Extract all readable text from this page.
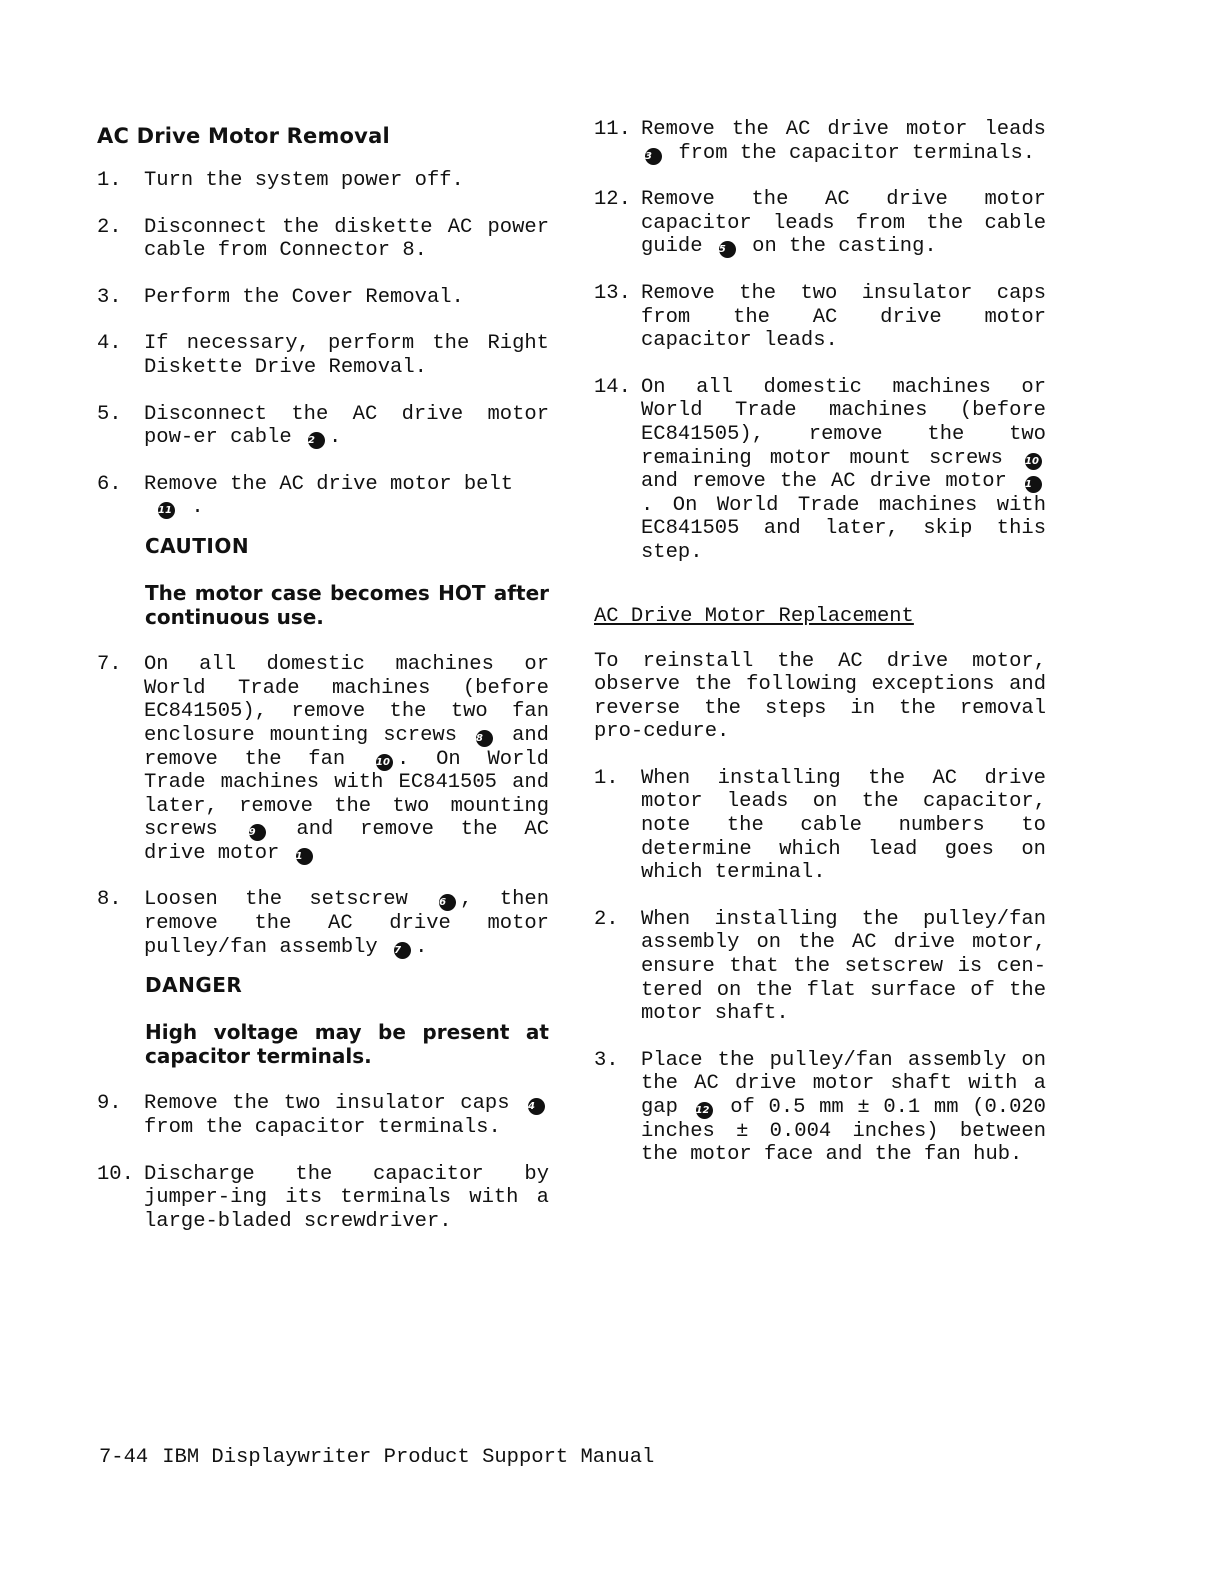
AC Drive Motor Removal
1.	Turn the system power off.
2.	Disconnect the diskette AC power cable from Connector 8.
3.	Perform the Cover Removal.
4.	If necessary, perform the Right Diskette Drive Removal.
5.	Disconnect the AC drive motor pow-er cable 2 .
6.	Remove the AC drive motor belt
11 .
CAUTION
The motor case becomes HOT after continuous use.
7.	On all domestic machines or World Trade machines (before EC841505), remove the two fan enclosure mounting screws 8 and remove the fan	10 . On World Trade machines with EC841505 and later, remove the two mounting screws	9 and remove the AC drive motor 1
8.	Loosen the setscrew	6 , then remove the AC drive motor pulley/fan assembly 7 .
DANGER
High voltage may be present at capacitor terminals.
9.	Remove the two insulator caps 4 from the capacitor terminals.
10. Discharge the capacitor by jumper-ing its terminals with a large-bladed screwdriver.
11. Remove the AC drive motor leads 3 from the capacitor terminals.
12. Remove the AC drive motor capacitor leads from the cable guide 5 on the casting.
13. Remove the two insulator caps from the AC drive motor capacitor leads.
14. On all domestic machines or World Trade machines (before EC841505), remove the two remaining motor mount screws 10 and remove the AC drive motor 1. On World Trade machines with EC841505 and later, skip this step.
AC Drive Motor Replacement
To reinstall the AC drive motor, observe the following exceptions and reverse the steps in the removal pro-cedure.
1.	When installing the AC drive motor leads on the capacitor, note the cable numbers to determine which lead goes on which terminal.
2.	When installing the pulley/fan assembly on the AC drive motor, ensure that the setscrew is cen-tered on the flat surface of the motor shaft.
3.	Place the pulley/fan assembly on the AC drive motor shaft with a gap 12 of 0.5 mm ± 0.1 mm (0.020 inches ± 0.004 inches) between the motor face and the fan hub.
7-44 IBM Displaywriter Product Support Manual
